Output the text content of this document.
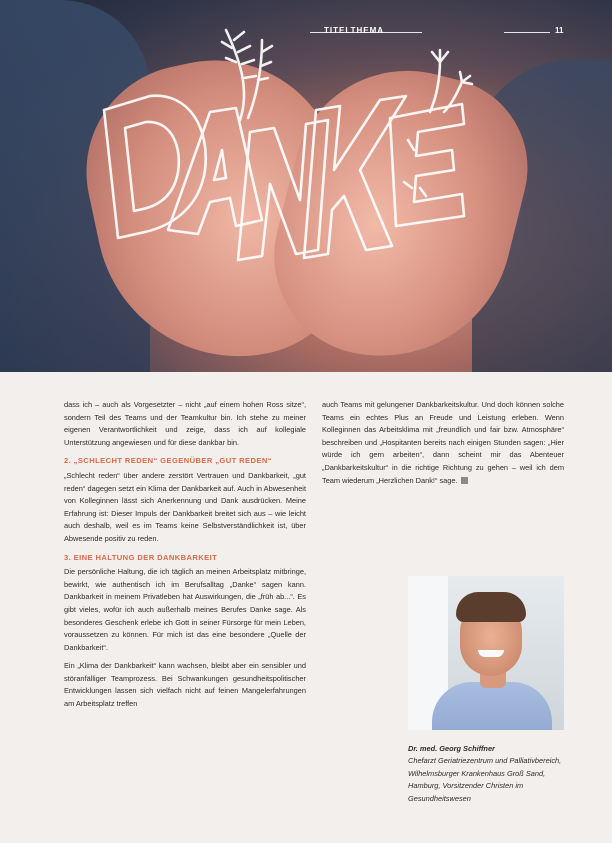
TITELTHEMA	11

dass ich – auch als Vorgesetzter – nicht „auf einem hohen Ross sitze“, sondern Teil des Teams und der Teamkultur bin. Ich stehe zu meiner eigenen Verantwortlichkeit und zeige, dass ich auf kollegiale Unterstützung angewiesen und für diese dankbar bin.

2. „SCHLECHT REDEN“ GEGENÜBER „GUT REDEN“

„Schlecht reden“ über andere zerstört Vertrauen und Dankbarkeit, „gut reden“ dagegen setzt ein Klima der Dankbarkeit auf. Auch in Abwesenheit von Kolleginnen lässt sich Anerkennung und Dank ausdrücken. Meine Erfahrung ist: Dieser Impuls der Dankbarkeit breitet sich aus – wie leicht auch deshalb, weil es im Teams keine Selbstverständlichkeit ist, über Abwesende positiv zu reden.

3. EINE HALTUNG DER DANKBARKEIT

Die persönliche Haltung, die ich täglich an meinen Arbeitsplatz mitbringe, bewirkt, wie authentisch ich im Berufsalltag „Danke“ sagen kann. Dankbarkeit in meinem Privatleben hat Auswirkungen, die „früh ab...“. Es gibt vieles, wofür ich auch außerhalb meines Berufes Danke sage. Als besonderes Geschenk erlebe ich Gott in seiner Fürsorge für mein Leben, voraussetzen zu können. Für mich ist das eine besondere „Quelle der Dankbarkeit“.

Ein „Klima der Dankbarkeit“ kann wachsen, bleibt aber ein sensibler und störanfälliger Teamprozess. Bei Schwankungen gesundheitspolitischer Entwicklungen lassen sich vielfach nicht auf feinen Mangelerfahrungen am Arbeitsplatz treffen

auch Teams mit gelungener Dankbarkeitskultur. Und doch können solche Teams ein echtes Plus an Freude und Leistung erleben. Wenn Kolleginnen das Arbeitsklima mit „freundlich und fair bzw. Atmosphäre“ beschreiben und „Hospitanten bereits nach einigen Stunden sagen: „Hier würde ich gern arbeiten“, dann scheint mir das Abenteuer „Dankbarkeitskultur“ in die richtige Richtung zu gehen – weil ich dem Team wiederum „Herzlichen Dank!“ sage.

Dr. med. Georg Schiffner
Chefarzt Geriatriezentrum und Palliativbereich, Wilhelmsburger Krankenhaus Groß Sand, Hamburg, Vorsitzender Christen im Gesundheitswesen
